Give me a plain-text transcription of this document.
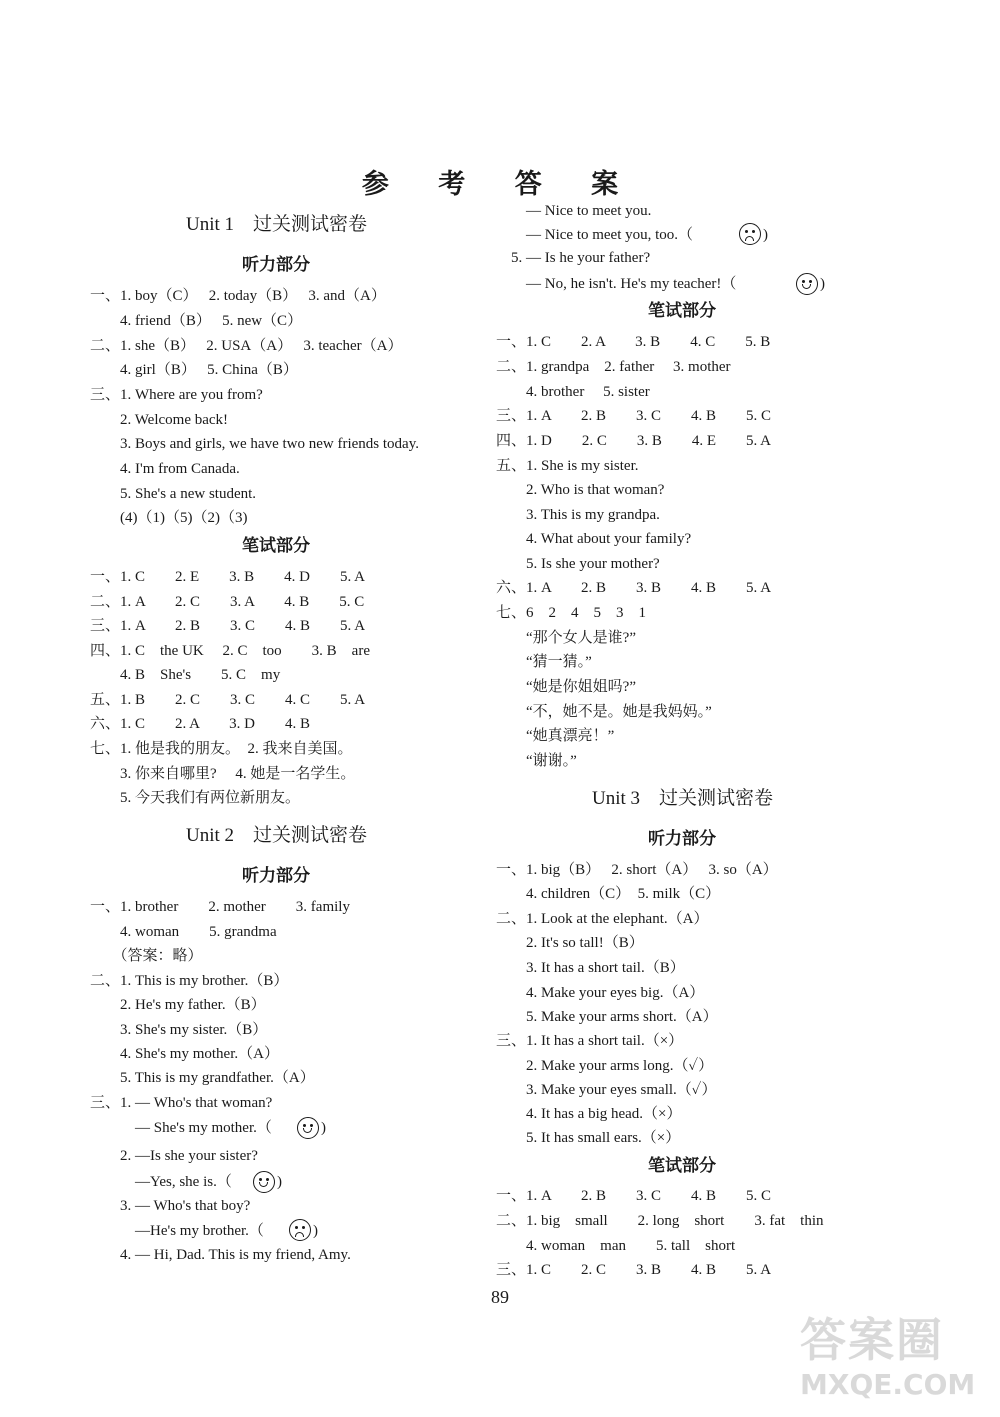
参 考 答 案
Unit 1　过关测试密卷
听力部分
一、1. boy（C）　 2. today（B）　 3. and（A）
　　4. friend（B）　 5. new（C）
二、1. she（B）　 2. USA（A）　 3. teacher（A）
　　4. girl（B）　 5. China（B）
三、1. Where are you from?
　　2. Welcome back!
　　3. Boys and girls, we have two new friends today.
　　4. I'm from Canada.
　　5. She's a new student.
　　(4)（1)（5)（2)（3)
笔试部分
一、1. C　　2. E　　3. B　　4. D　　5. A
二、1. A　　2. C　　3. A　　4. B　　5. C
三、1. A　　2. B　　3. C　　4. B　　5. A
四、1. C　the UK　 2. C　too　　3. B　are
　　4. B　She's　　5. C　my
五、1. B　　2. C　　3. C　　4. C　　5. A
六、1. C　　2. A　　3. D　　4. B
七、1. 他是我的朋友。　2. 我来自美国。
　　3. 你来自哪里?　 4. 她是一名学生。
　　5. 今天我们有两位新朋友。
Unit 2　过关测试密卷
听力部分
一、1. brother　　2. mother　　3. family
　　4. woman　　5. grandma
　　（答案：略）
二、1. This is my brother.（B）
　　2. He's my father.（B）
　　3. She's my sister.（B）
　　4. She's my mother.（A）
　　5. This is my grandfather.（A）
三、1. — Who's that woman?
　　　— She's my mother.（
　　2. —Is she your sister?
　　　—Yes, she is.（
　　3. — Who's that boy?
　　　—He's my brother.（
　　4. — Hi, Dad. This is my friend, Amy.
)
)
)
　　— Nice to meet you.
　　— Nice to meet you, too.（
　5. — Is he your father?
　　— No, he isn't. He's my teacher!（
)
)
笔试部分
一、1. C　　2. A　　3. B　　4. C　　5. B
二、1. grandpa　2. father　 3. mother
　　4. brother　 5. sister
三、1. A　　2. B　　3. C　　4. B　　5. C
四、1. D　　2. C　　3. B　　4. E　　5. A
五、1. She is my sister.
　　2. Who is that woman?
　　3. This is my grandpa.
　　4. What about your family?
　　5. Is she your mother?
六、1. A　　2. B　　3. B　　4. B　　5. A
七、6　2　4　5　3　1
　　“那个女人是谁?”
　　“猜一猜。”
　　“她是你姐姐吗?”
　　“不，她不是。她是我妈妈。”
　　“她真漂亮！”
　　“谢谢。”
Unit 3　过关测试密卷
听力部分
一、1. big（B）　 2. short（A）　 3. so（A）
　　4. children（C）　5. milk（C）
二、1. Look at the elephant.（A）
　　2. It's so tall!（B）
　　3. It has a short tail.（B）
　　4. Make your eyes big.（A）
　　5. Make your arms short.（A）
三、1. It has a short tail.（×）
　　2. Make your arms long.（✓）
　　3. Make your eyes small.（✓）
　　4. It has a big head.（×）
　　5. It has small ears.（×）
笔试部分
一、1. A　　2. B　　3. C　　4. B　　5. C
二、1. big　small　　2. long　short　　3. fat　thin
　　4. woman　man　　5. tall　short
三、1. C　　2. C　　3. B　　4. B　　5. A
89
答案圈
MXQE.COM
